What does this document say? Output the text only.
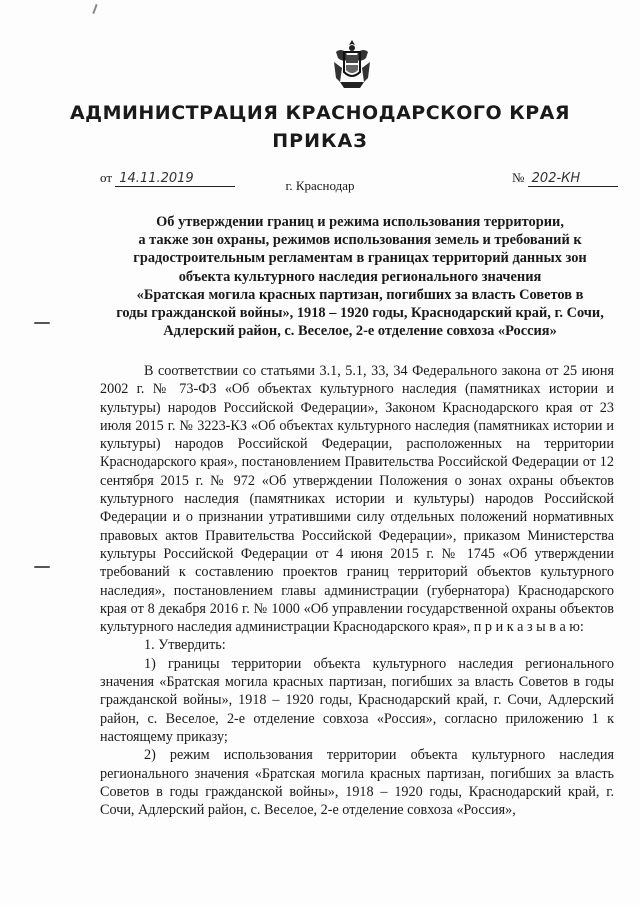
АДМИНИСТРАЦИЯ КРАСНОДАРСКОГО КРАЯ
ПРИКАЗ
от 14.11.2019	№ 202-КН
г. Краснодар
Об утверждении границ и режима использования территории,
а также зон охраны, режимов использования земель и требований к
градостроительным регламентам в границах территорий данных зон
объекта культурного наследия регионального значения
«Братская могила красных партизан, погибших за власть Советов в
годы гражданской войны», 1918 – 1920 годы, Краснодарский край, г. Сочи,
Адлерский район, с. Веселое, 2-е отделение совхоза «Россия»

В соответствии со статьями 3.1, 5.1, 33, 34 Федерального закона от 25 июня 2002 г. № 73-ФЗ «Об объектах культурного наследия (памятниках истории и культуры) народов Российской Федерации», Законом Краснодарского края от 23 июля 2015 г. № 3223-КЗ «Об объектах культурного наследия (памятниках истории и культуры) народов Российской Федерации, расположенных на территории Краснодарского края», постановлением Правительства Российской Федерации от 12 сентября 2015 г. № 972 «Об утверждении Положения о зонах охраны объектов культурного наследия (памятниках истории и культуры) народов Российской Федерации и о признании утратившими силу отдельных положений нормативных правовых актов Правительства Российской Федерации», приказом Министерства культуры Российской Федерации от 4 июня 2015 г. № 1745 «Об утверждении требований к составлению проектов границ территорий объектов культурного наследия», постановлением главы администрации (губернатора) Краснодарского края от 8 декабря 2016 г. № 1000 «Об управлении государственной охраны объектов культурного наследия администрации Краснодарского края», п р и к а з ы в а ю:

1. Утвердить:

1) границы территории объекта культурного наследия регионального значения «Братская могила красных партизан, погибших за власть Советов в годы гражданской войны», 1918 – 1920 годы, Краснодарский край, г. Сочи, Адлерский район, с. Веселое, 2-е отделение совхоза «Россия», согласно приложению 1 к настоящему приказу;

2) режим использования территории объекта культурного наследия регионального значения «Братская могила красных партизан, погибших за власть Советов в годы гражданской войны», 1918 – 1920 годы, Краснодарский край, г. Сочи, Адлерский район, с. Веселое, 2-е отделение совхоза «Россия»,
